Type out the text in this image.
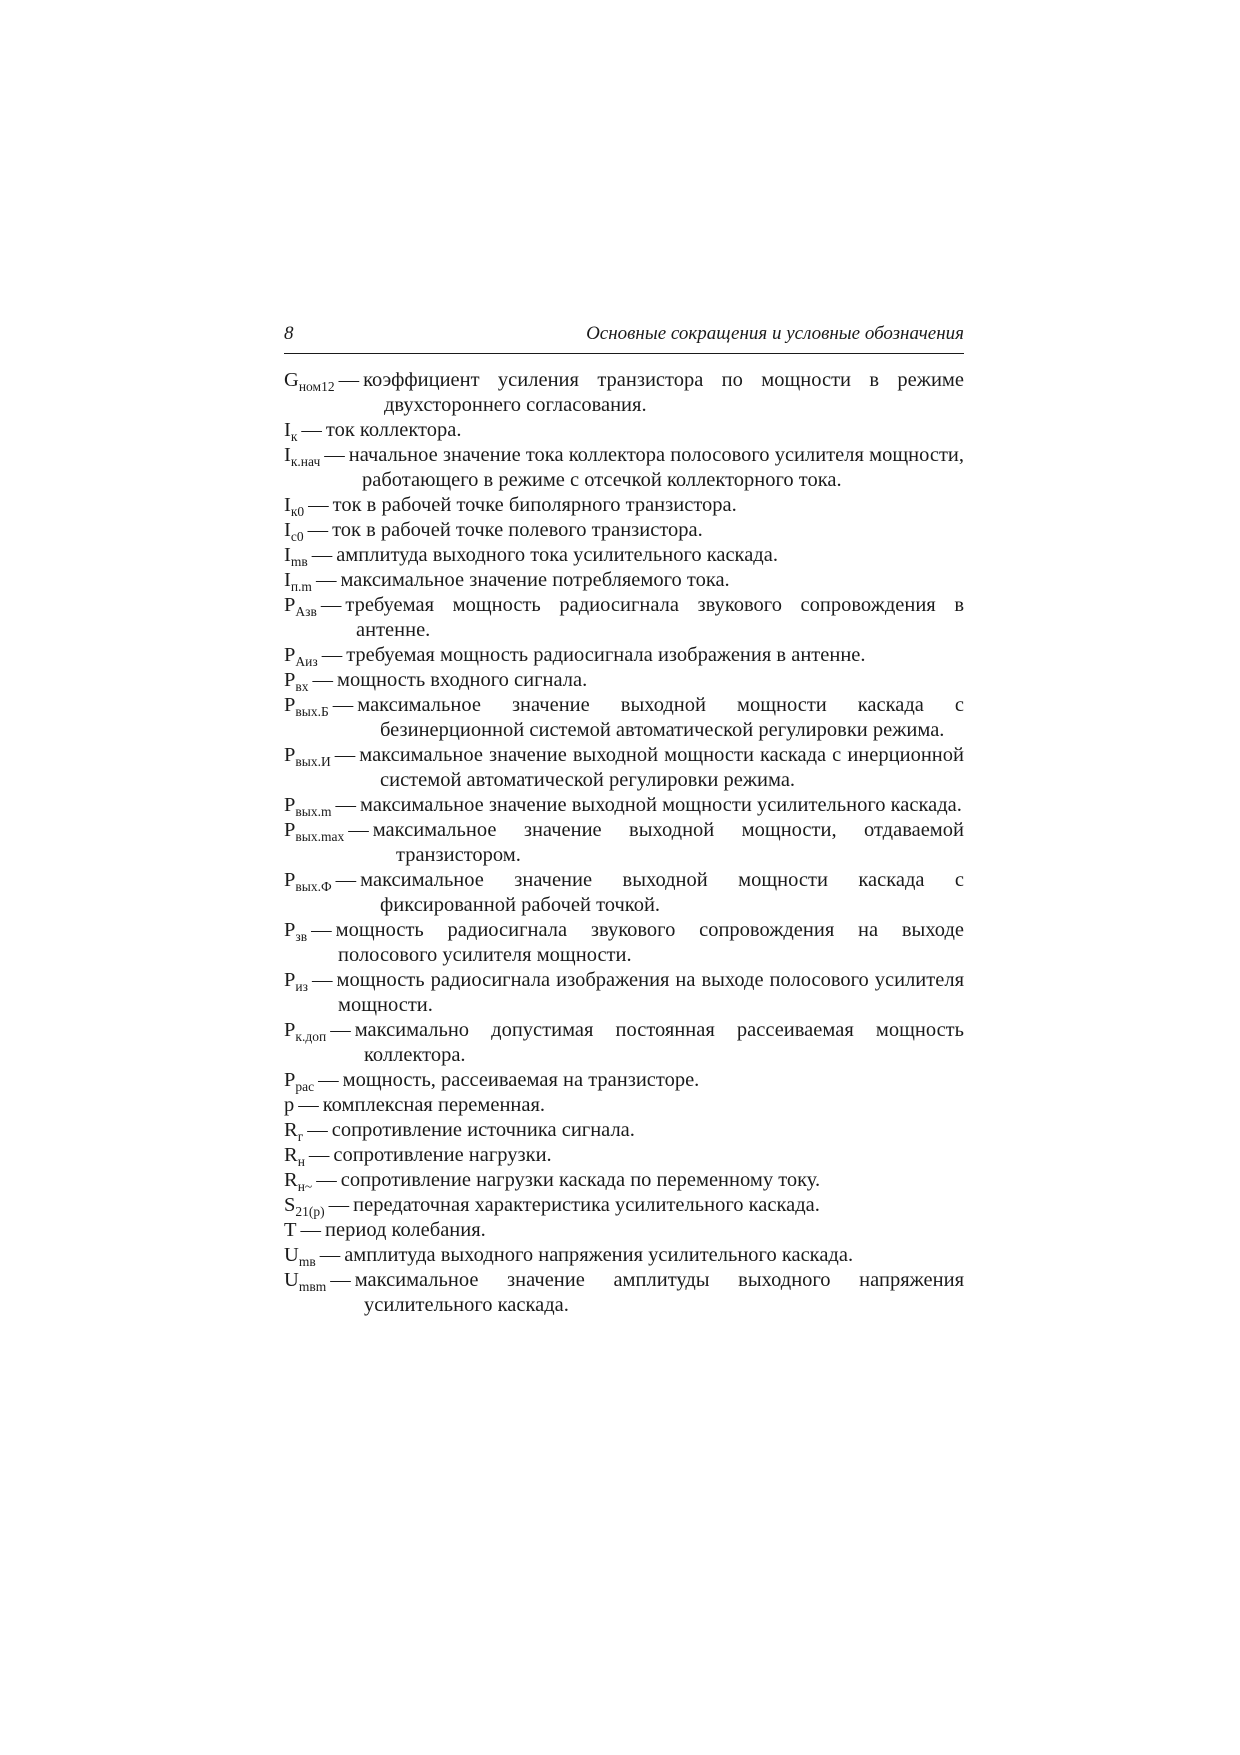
8	Основные сокращения и условные обозначения

$G_{ном12}$ — коэффициент усиления транзистора по мощности в режиме двухстороннего согласования.

$I_к$ — ток коллектора.

$I_{к.нач}$ — начальное значение тока коллектора полосового усилителя мощности, работающего в режиме с отсечкой коллекторного тока.

$I_{к0}$ — ток в рабочей точке биполярного транзистора.

$I_{с0}$ — ток в рабочей точке полевого транзистора.

$I_{mв}$ — амплитуда выходного тока усилительного каскада.

$I_{п.m}$ — максимальное значение потребляемого тока.

$P_{Азв}$ — требуемая мощность радиосигнала звукового сопровождения в антенне.

$P_{Аиз}$ — требуемая мощность радиосигнала изображения в антенне.

$P_{вх}$ — мощность входного сигнала.

$P_{вых.Б}$ — максимальное значение выходной мощности каскада с безинерционной системой автоматической регулировки режима.

$P_{вых.И}$ — максимальное значение выходной мощности каскада с инерционной системой автоматической регулировки режима.

$P_{вых.m}$ — максимальное значение выходной мощности усилительного каскада.

$P_{вых.max}$ — максимальное значение выходной мощности, отдаваемой транзистором.

$P_{вых.Ф}$ — максимальное значение выходной мощности каскада с фиксированной рабочей точкой.

$P_{зв}$ — мощность радиосигнала звукового сопровождения на выходе полосового усилителя мощности.

$P_{из}$ — мощность радиосигнала изображения на выходе полосового усилителя мощности.

$P_{к.доп}$ — максимально допустимая постоянная рассеиваемая мощность коллектора.

$P_{рас}$ — мощность, рассеиваемая на транзисторе.

p — комплексная переменная.

$R_г$ — сопротивление источника сигнала.

$R_н$ — сопротивление нагрузки.

$R_{н\sim}$ — сопротивление нагрузки каскада по переменному току.

$S_{21(p)}$ — передаточная характеристика усилительного каскада.

T — период колебания.

$U_{mв}$ — амплитуда выходного напряжения усилительного каскада.

$U_{mвm}$ — максимальное значение амплитуды выходного напряжения усилительного каскада.
